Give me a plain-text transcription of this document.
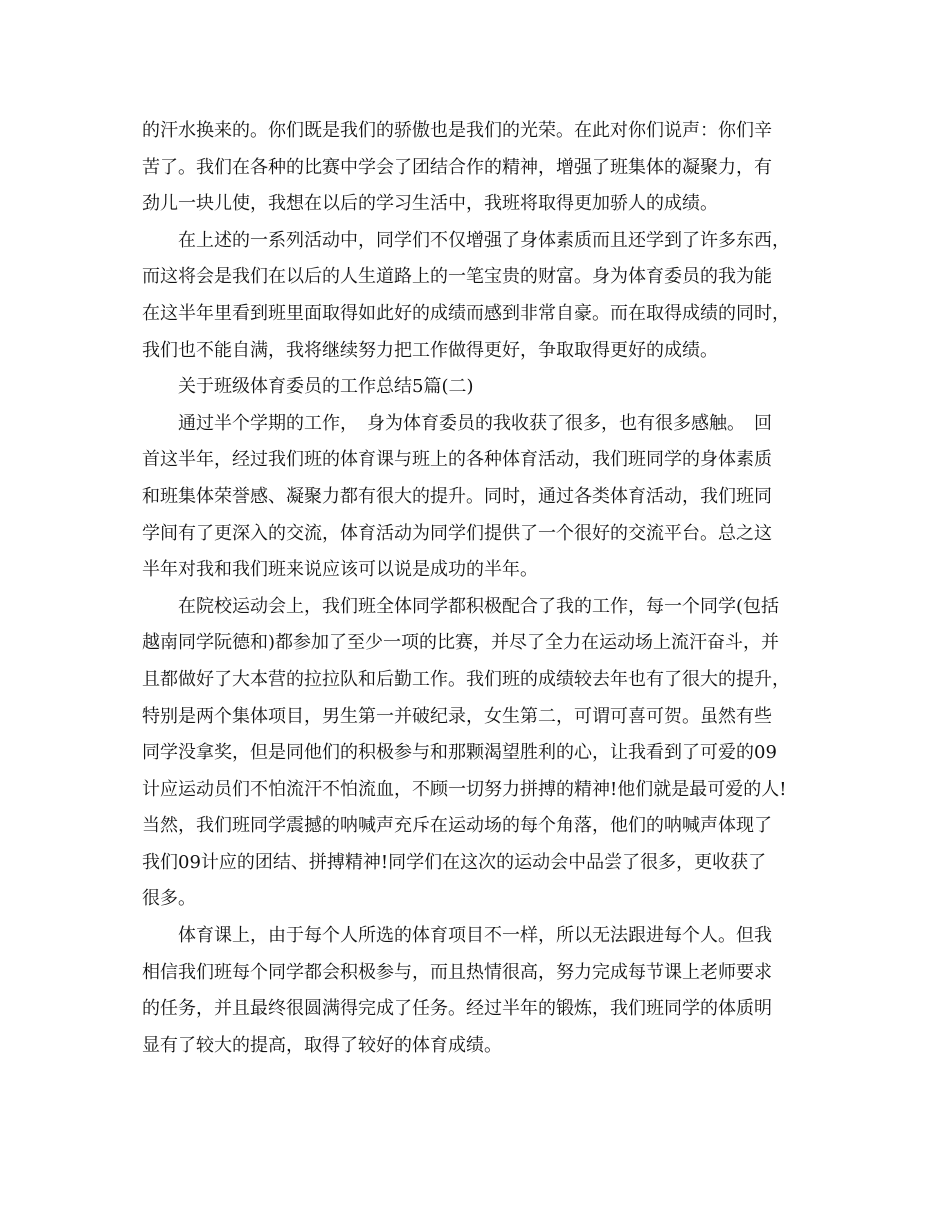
的汗水换来的。你们既是我们的骄傲也是我们的光荣。在此对你们说声：你们辛
苦了。我们在各种的比赛中学会了团结合作的精神，增强了班集体的凝聚力，有
劲儿一块儿使，我想在以后的学习生活中，我班将取得更加骄人的成绩。
　　在上述的一系列活动中，同学们不仅增强了身体素质而且还学到了许多东西，
而这将会是我们在以后的人生道路上的一笔宝贵的财富。身为体育委员的我为能
在这半年里看到班里面取得如此好的成绩而感到非常自豪。而在取得成绩的同时，
我们也不能自满，我将继续努力把工作做得更好，争取取得更好的成绩。
　　关于班级体育委员的工作总结5篇(二)
　　通过半个学期的工作，　身为体育委员的我收获了很多，也有很多感触。　回
首这半年，经过我们班的体育课与班上的各种体育活动，我们班同学的身体素质
和班集体荣誉感、凝聚力都有很大的提升。同时，通过各类体育活动，我们班同
学间有了更深入的交流，体育活动为同学们提供了一个很好的交流平台。总之这
半年对我和我们班来说应该可以说是成功的半年。
　　在院校运动会上，我们班全体同学都积极配合了我的工作，每一个同学(包括
越南同学阮德和)都参加了至少一项的比赛，并尽了全力在运动场上流汗奋斗，并
且都做好了大本营的拉拉队和后勤工作。我们班的成绩较去年也有了很大的提升，
特别是两个集体项目，男生第一并破纪录，女生第二，可谓可喜可贺。虽然有些
同学没拿奖，但是同他们的积极参与和那颗渴望胜利的心，让我看到了可爱的09
计应运动员们不怕流汗不怕流血，不顾一切努力拼搏的精神!他们就是最可爱的人!
当然，我们班同学震撼的呐喊声充斥在运动场的每个角落，他们的呐喊声体现了
我们09计应的团结、拼搏精神!同学们在这次的运动会中品尝了很多，更收获了
很多。
　　体育课上，由于每个人所选的体育项目不一样，所以无法跟进每个人。但我
相信我们班每个同学都会积极参与，而且热情很高，努力完成每节课上老师要求
的任务，并且最终很圆满得完成了任务。经过半年的锻炼，我们班同学的体质明
显有了较大的提高，取得了较好的体育成绩。
